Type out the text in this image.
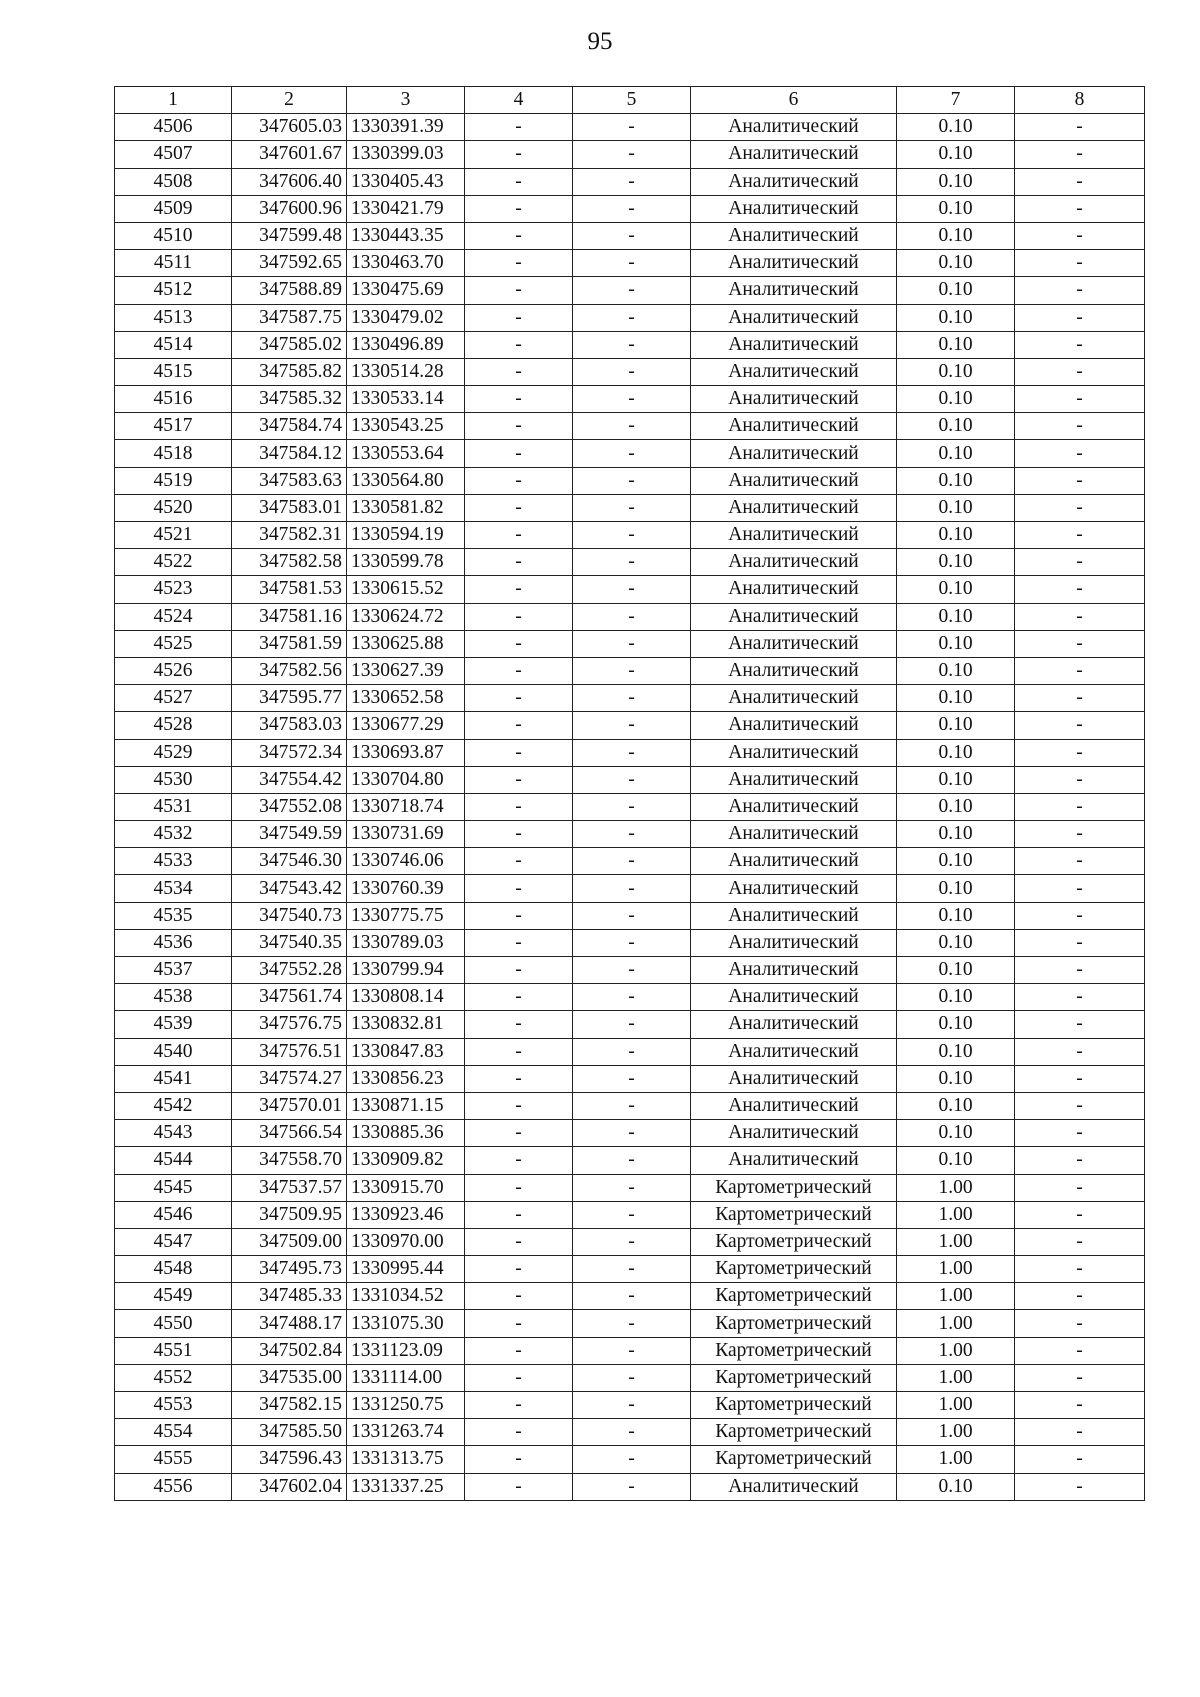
95
1	2	3	4	5	6	7	8
4506	347605.03	1330391.39	-	-	Аналитический	0.10	-
4507	347601.67	1330399.03	-	-	Аналитический	0.10	-
4508	347606.40	1330405.43	-	-	Аналитический	0.10	-
4509	347600.96	1330421.79	-	-	Аналитический	0.10	-
4510	347599.48	1330443.35	-	-	Аналитический	0.10	-
4511	347592.65	1330463.70	-	-	Аналитический	0.10	-
4512	347588.89	1330475.69	-	-	Аналитический	0.10	-
4513	347587.75	1330479.02	-	-	Аналитический	0.10	-
4514	347585.02	1330496.89	-	-	Аналитический	0.10	-
4515	347585.82	1330514.28	-	-	Аналитический	0.10	-
4516	347585.32	1330533.14	-	-	Аналитический	0.10	-
4517	347584.74	1330543.25	-	-	Аналитический	0.10	-
4518	347584.12	1330553.64	-	-	Аналитический	0.10	-
4519	347583.63	1330564.80	-	-	Аналитический	0.10	-
4520	347583.01	1330581.82	-	-	Аналитический	0.10	-
4521	347582.31	1330594.19	-	-	Аналитический	0.10	-
4522	347582.58	1330599.78	-	-	Аналитический	0.10	-
4523	347581.53	1330615.52	-	-	Аналитический	0.10	-
4524	347581.16	1330624.72	-	-	Аналитический	0.10	-
4525	347581.59	1330625.88	-	-	Аналитический	0.10	-
4526	347582.56	1330627.39	-	-	Аналитический	0.10	-
4527	347595.77	1330652.58	-	-	Аналитический	0.10	-
4528	347583.03	1330677.29	-	-	Аналитический	0.10	-
4529	347572.34	1330693.87	-	-	Аналитический	0.10	-
4530	347554.42	1330704.80	-	-	Аналитический	0.10	-
4531	347552.08	1330718.74	-	-	Аналитический	0.10	-
4532	347549.59	1330731.69	-	-	Аналитический	0.10	-
4533	347546.30	1330746.06	-	-	Аналитический	0.10	-
4534	347543.42	1330760.39	-	-	Аналитический	0.10	-
4535	347540.73	1330775.75	-	-	Аналитический	0.10	-
4536	347540.35	1330789.03	-	-	Аналитический	0.10	-
4537	347552.28	1330799.94	-	-	Аналитический	0.10	-
4538	347561.74	1330808.14	-	-	Аналитический	0.10	-
4539	347576.75	1330832.81	-	-	Аналитический	0.10	-
4540	347576.51	1330847.83	-	-	Аналитический	0.10	-
4541	347574.27	1330856.23	-	-	Аналитический	0.10	-
4542	347570.01	1330871.15	-	-	Аналитический	0.10	-
4543	347566.54	1330885.36	-	-	Аналитический	0.10	-
4544	347558.70	1330909.82	-	-	Аналитический	0.10	-
4545	347537.57	1330915.70	-	-	Картометрический	1.00	-
4546	347509.95	1330923.46	-	-	Картометрический	1.00	-
4547	347509.00	1330970.00	-	-	Картометрический	1.00	-
4548	347495.73	1330995.44	-	-	Картометрический	1.00	-
4549	347485.33	1331034.52	-	-	Картометрический	1.00	-
4550	347488.17	1331075.30	-	-	Картометрический	1.00	-
4551	347502.84	1331123.09	-	-	Картометрический	1.00	-
4552	347535.00	1331114.00	-	-	Картометрический	1.00	-
4553	347582.15	1331250.75	-	-	Картометрический	1.00	-
4554	347585.50	1331263.74	-	-	Картометрический	1.00	-
4555	347596.43	1331313.75	-	-	Картометрический	1.00	-
4556	347602.04	1331337.25	-	-	Аналитический	0.10	-
